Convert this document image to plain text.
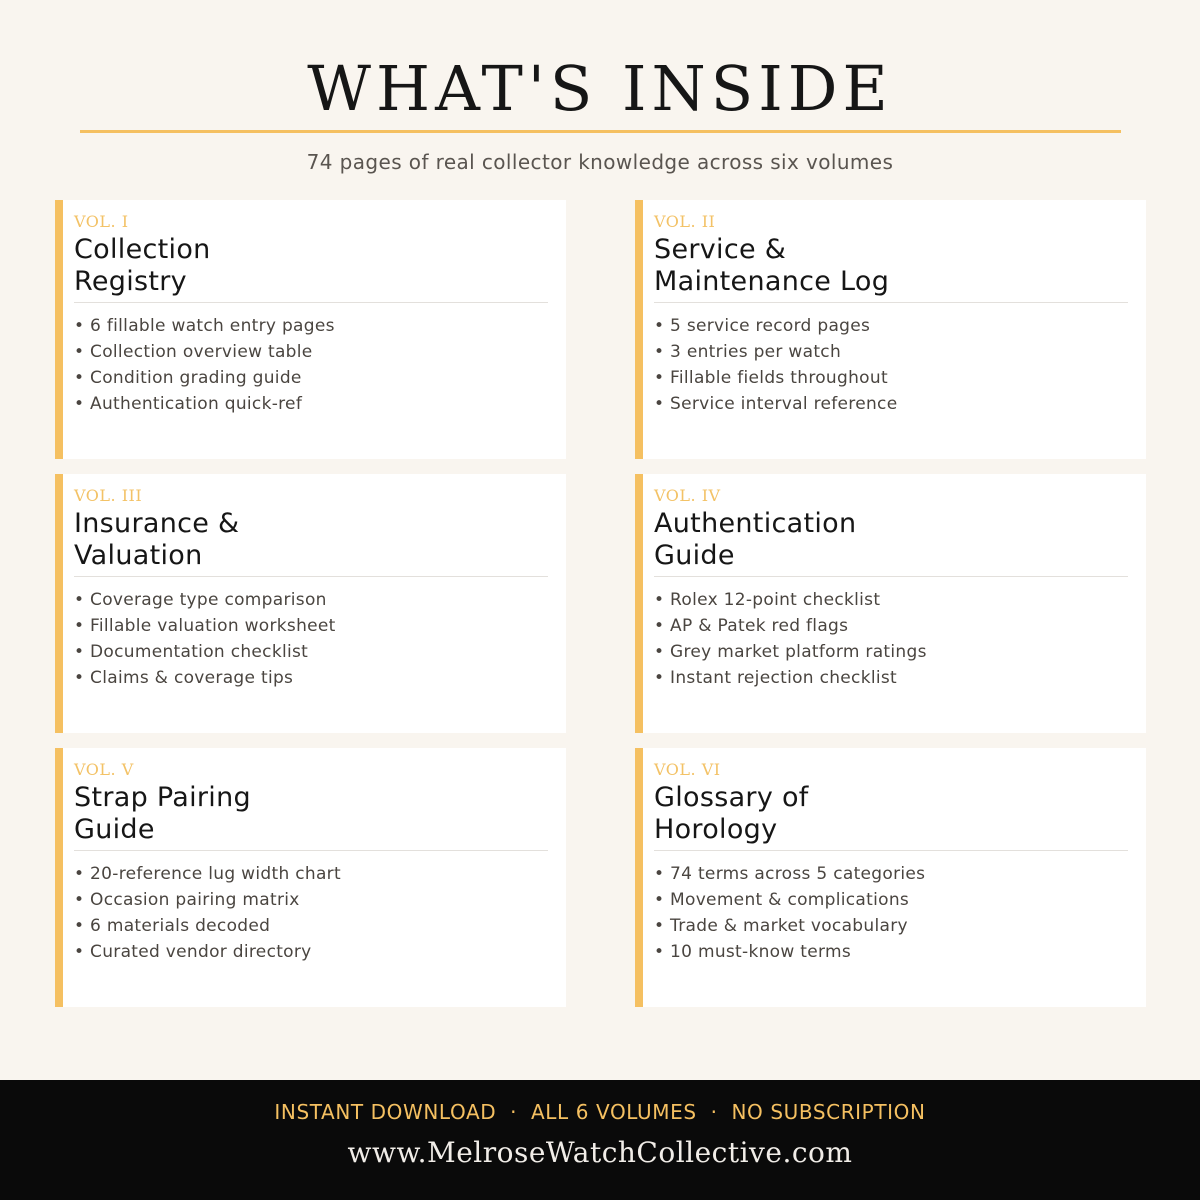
WHAT'S INSIDE
74 pages of real collector knowledge across six volumes
VOL. I
Collection
Registry
• 6 fillable watch entry pages
• Collection overview table
• Condition grading guide
• Authentication quick-ref
VOL. III
Insurance &
Valuation
• Coverage type comparison
• Fillable valuation worksheet
• Documentation checklist
• Claims & coverage tips
VOL. V
Strap Pairing
Guide
• 20-reference lug width chart
• Occasion pairing matrix
• 6 materials decoded
• Curated vendor directory
VOL. II
Service &
Maintenance Log
• 5 service record pages
• 3 entries per watch
• Fillable fields throughout
• Service interval reference
VOL. IV
Authentication
Guide
• Rolex 12-point checklist
• AP & Patek red flags
• Grey market platform ratings
• Instant rejection checklist
VOL. VI
Glossary of
Horology
• 74 terms across 5 categories
• Movement & complications
• Trade & market vocabulary
• 10 must-know terms
INSTANT DOWNLOAD  ·  ALL 6 VOLUMES  ·  NO SUBSCRIPTION
www.MelroseWatchCollective.com
